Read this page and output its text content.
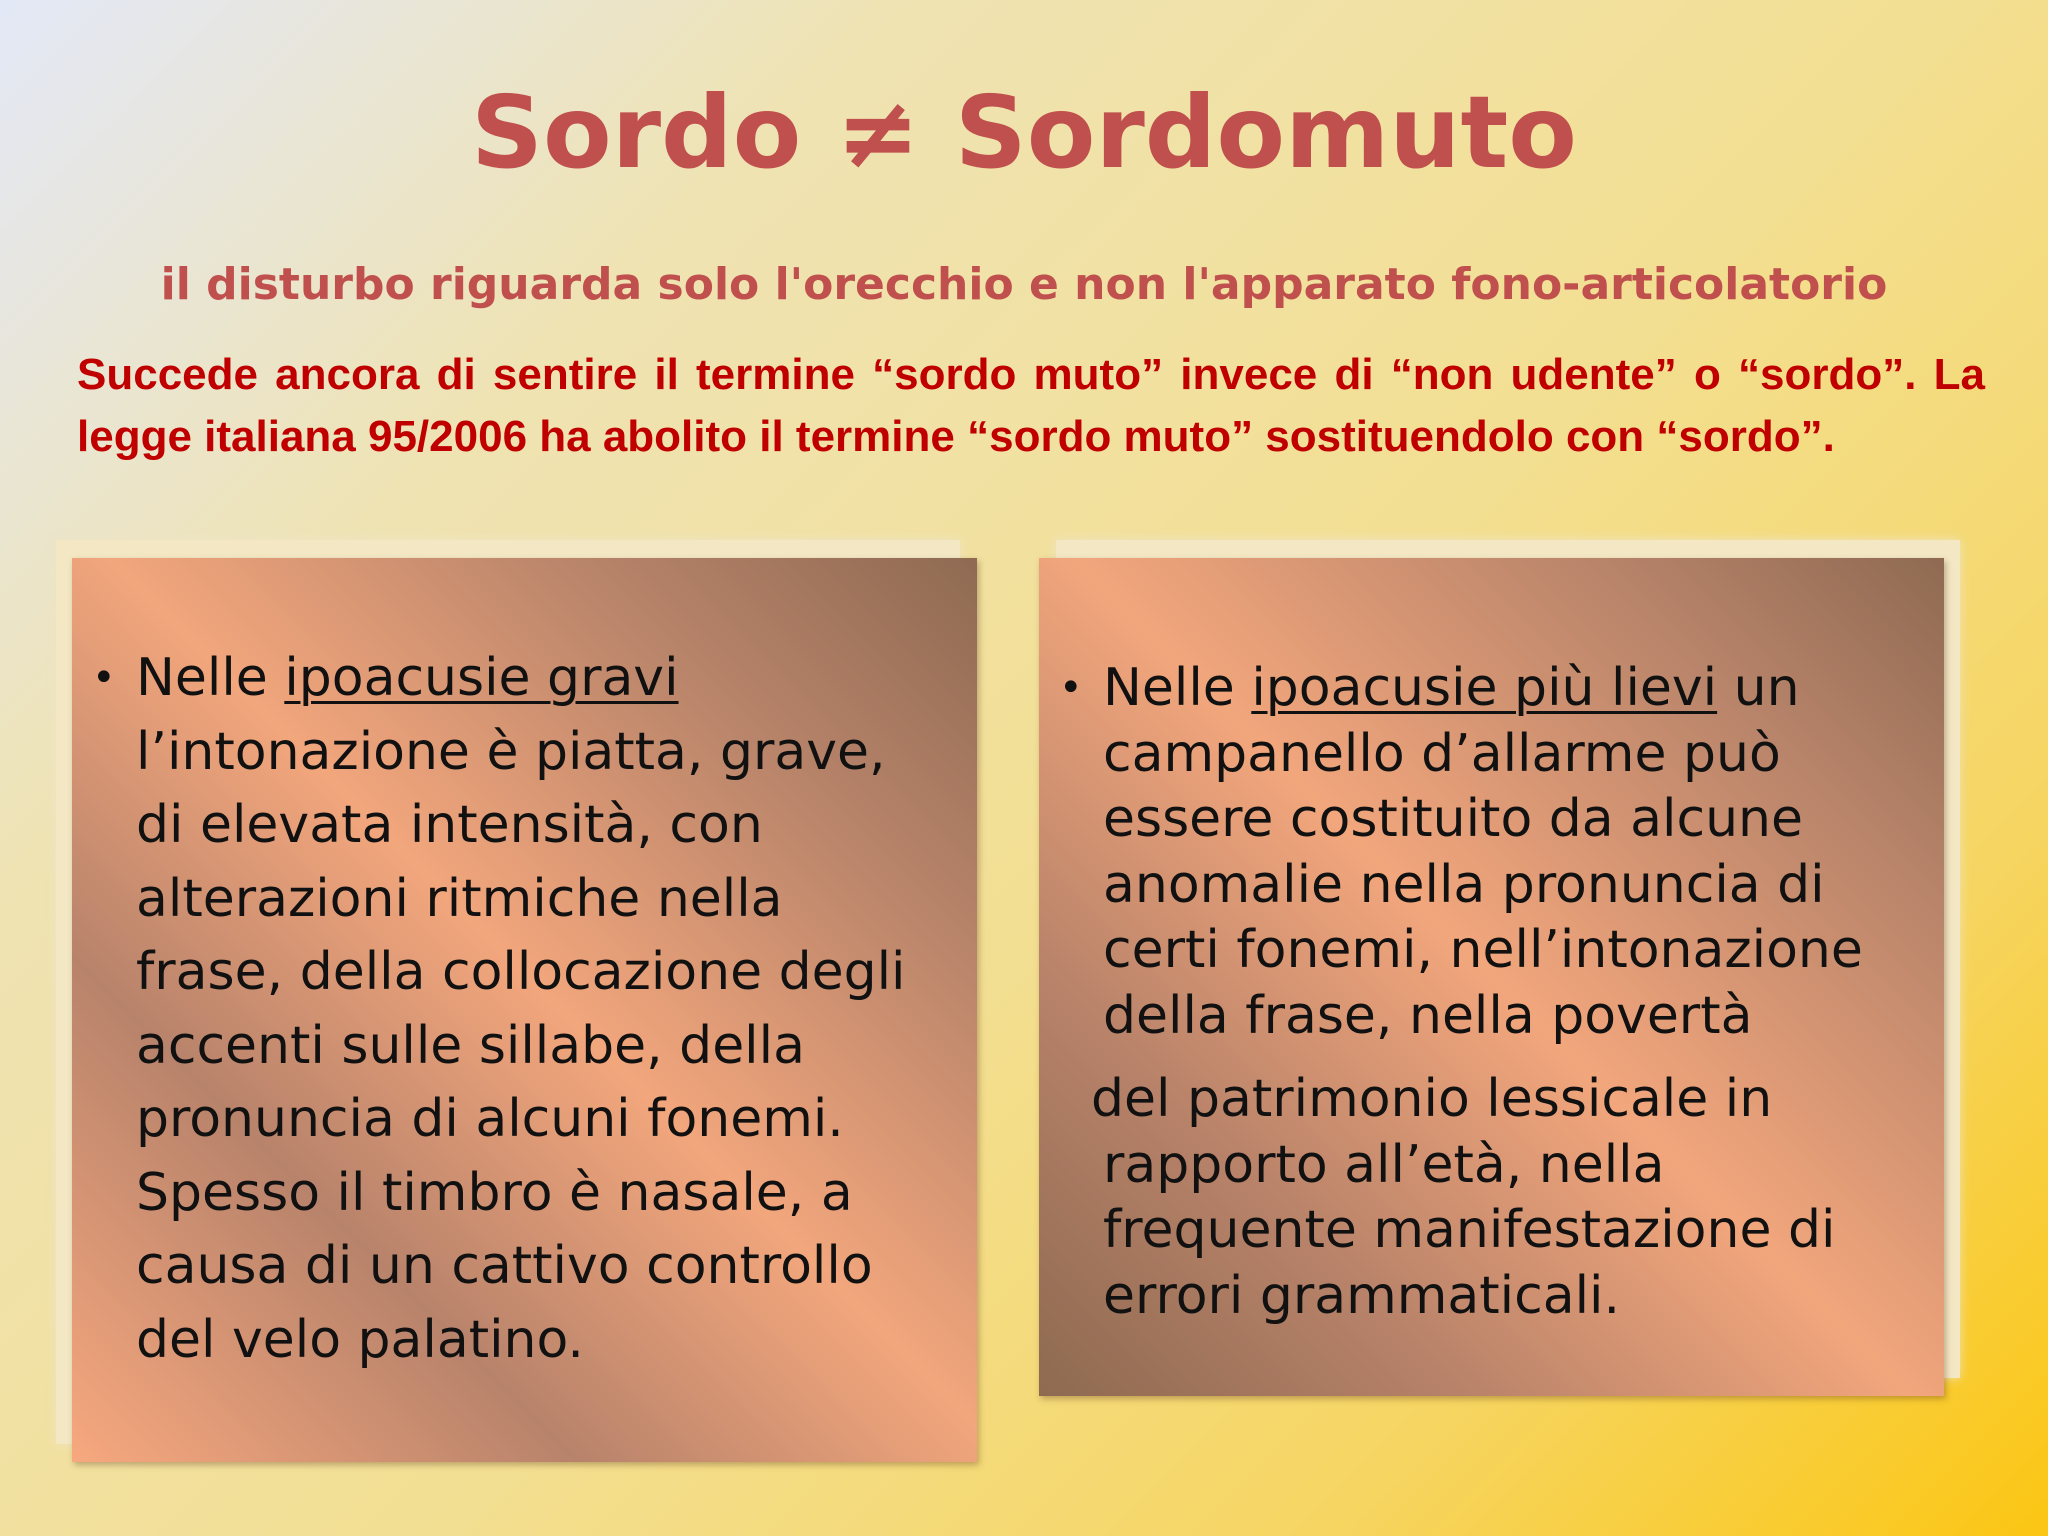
Sordo ≠ Sordomuto

il disturbo riguarda solo l'orecchio e non l'apparato fono-articolatorio

Succede ancora di sentire il termine “sordo muto” invece di “non udente” o “sordo”. La legge italiana 95/2006 ha abolito il termine “sordo muto” sostituendolo con “sordo”.

• Nelle ipoacusie gravi
l’intonazione è piatta, grave,
di elevata intensità, con
alterazioni ritmiche nella
frase, della collocazione degli
accenti sulle sillabe, della
pronuncia di alcuni fonemi.
Spesso il timbro è nasale, a
causa di un cattivo controllo
del velo palatino.
• Nelle ipoacusie più lievi un
campanello d’allarme può
essere costituito da alcune
anomalie nella pronuncia di
certi fonemi, nell’intonazione
della frase, nella povertà
del patrimonio lessicale in
rapporto all’età, nella
frequente manifestazione di
errori grammaticali.
